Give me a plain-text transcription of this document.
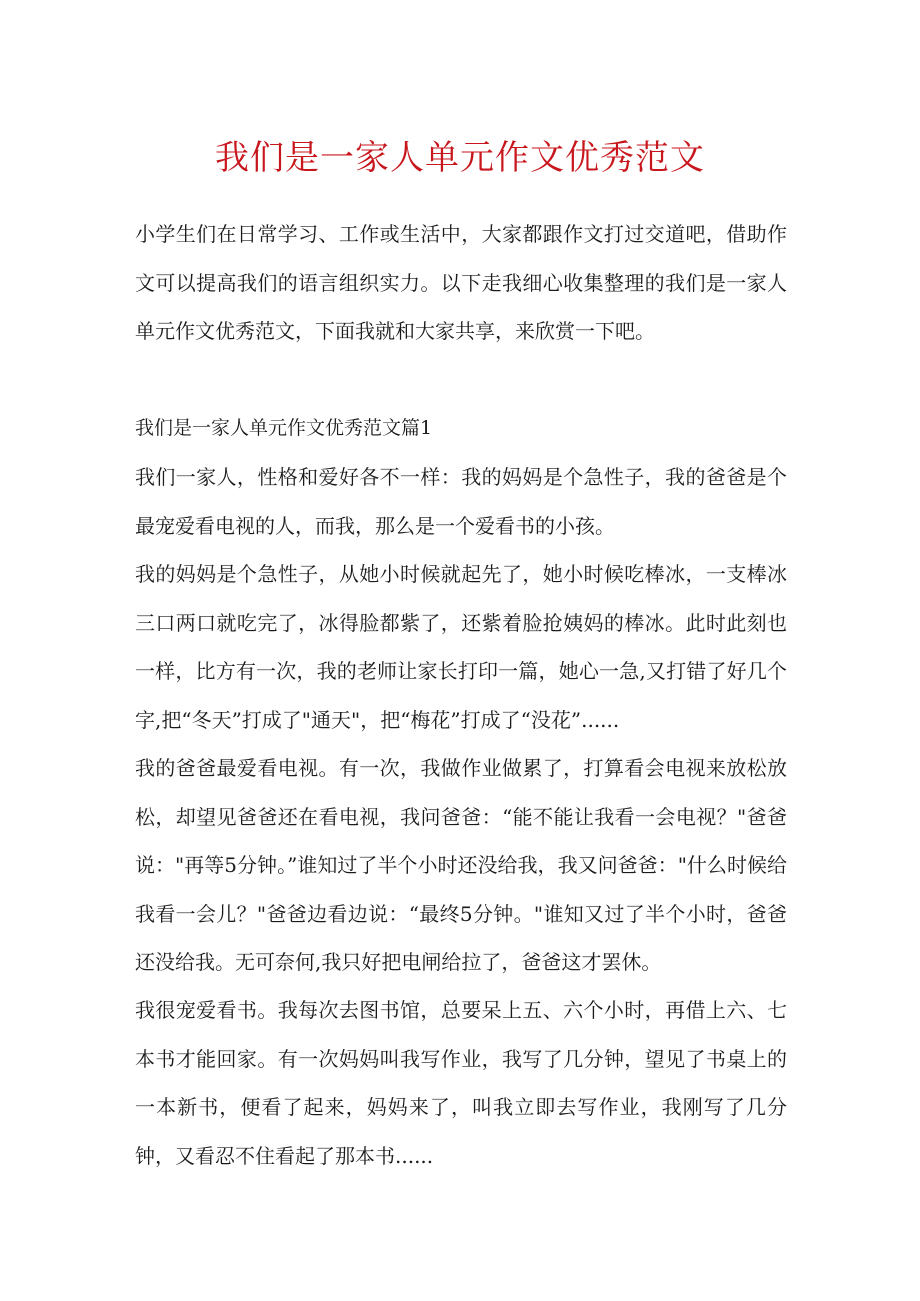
我们是一家人单元作文优秀范文

小学生们在日常学习、工作或生活中，大家都跟作文打过交道吧，借助作文可以提高我们的语言组织实力。以下走我细心收集整理的我们是一家人单元作文优秀范文，下面我就和大家共享，来欣赏一下吧。

我们是一家人单元作文优秀范文篇1

我们一家人，性格和爱好各不一样：我的妈妈是个急性子，我的爸爸是个最宠爱看电视的人，而我，那么是一个爱看书的小孩。

我的妈妈是个急性子，从她小时候就起先了，她小时候吃棒冰，一支棒冰三口两口就吃完了，冰得脸都紫了，还紫着脸抢姨妈的棒冰。此时此刻也一样，比方有一次，我的老师让家长打印一篇，她心一急,又打错了好几个字,把“冬天”打成了"通天"，把“梅花”打成了“没花”......

我的爸爸最爱看电视。有一次，我做作业做累了，打算看会电视来放松放松，却望见爸爸还在看电视，我问爸爸：“能不能让我看一会电视？"爸爸说："再等5分钟。”谁知过了半个小时还没给我，我又问爸爸："什么时候给我看一会儿？"爸爸边看边说：“最终5分钟。"谁知又过了半个小时，爸爸还没给我。无可奈何,我只好把电闸给拉了，爸爸这才罢休。

我很宠爱看书。我每次去图书馆，总要呆上五、六个小时，再借上六、七本书才能回家。有一次妈妈叫我写作业，我写了几分钟，望见了书桌上的一本新书，便看了起来，妈妈来了，叫我立即去写作业，我刚写了几分钟，又看忍不住看起了那本书......
